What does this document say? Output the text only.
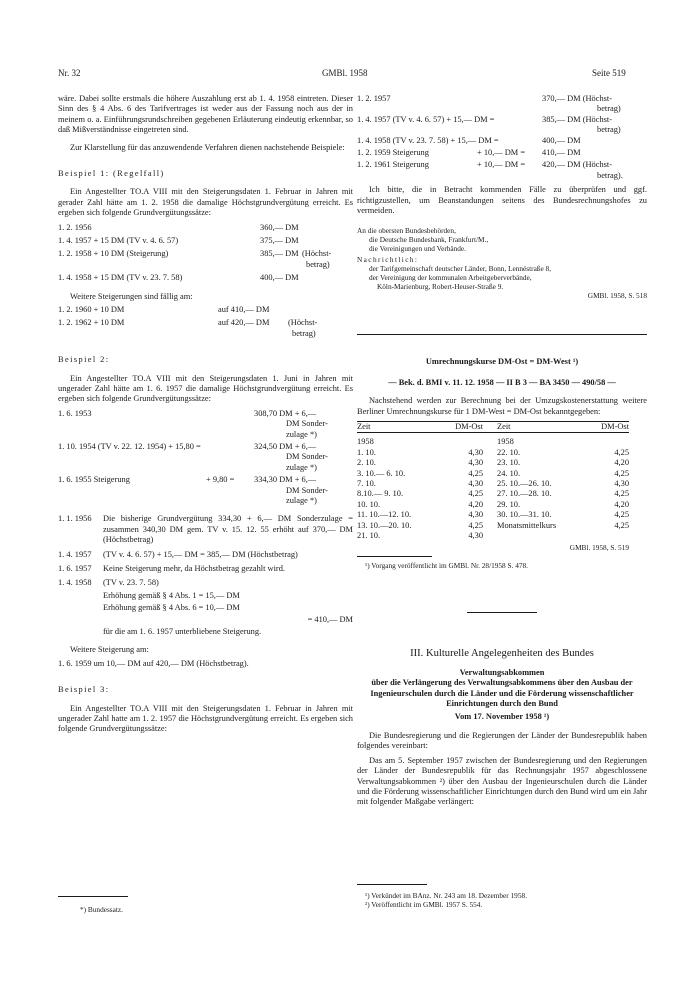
Nr. 32	GMBl. 1958	Seite 519

wäre. Dabei sollte erstmals die höhere Auszahlung erst ab 1. 4. 1958 eintreten. Dieser Sinn des § 4 Abs. 6 des Tarifvertrages ist weder aus der Fassung noch aus der in meinem o. a. Einführungsrundschreiben gegebenen Erläuterung eindeutig erkennbar, so daß Mißverständnisse eingetreten sind.

Zur Klarstellung für das anzuwendende Verfahren dienen nachstehende Beispiele:

Beispiel 1: (Regelfall)

Ein Angestellter TO.A VIII mit den Steigerungsdaten 1. Februar in Jahren mit gerader Zahl hätte am 1. 2. 1958 die damalige Höchstgrundvergütung erreicht. Es ergeben sich folgende Grundvergütungssätze:

1. 2. 1956	360,— DM
1. 4. 1957 + 15 DM (TV v. 4. 6. 57)	375,— DM
1. 2. 1958 + 10 DM (Steigerung)	385,— DM (Höchst-
betrag)
1. 4. 1958 + 15 DM (TV v. 23. 7. 58)	400,— DM

Weitere Steigerungen sind fällig am:

1. 2. 1960 + 10 DM	auf 410,— DM
1. 2. 1962 + 10 DM	auf 420,— DM (Höchst-
betrag)

Beispiel 2:

Ein Angestellter TO.A VIII mit den Steigerungsdaten 1. Juni in Jahren mit ungerader Zahl hätte am 1. 6. 1957 die damalige Höchstgrundvergütung erreicht. Es ergeben sich folgende Grundvergütungssätze:

1. 6. 1953	308,70 DM + 6,—
DM Sonder-
zulage *)
1. 10. 1954 (TV v. 22. 12. 1954) + 15,80 =	324,50 DM + 6,—
DM Sonder-
zulage *)
1. 6. 1955 Steigerung	+ 9,80 = 334,30 DM + 6,—
DM Sonder-
zulage *)
1. 1. 1956	Die bisherige Grundvergütung 334,30 + 6,— DM Sonderzulage = zusammen 340,30 DM gem. TV v. 15. 12. 55 erhöht auf 370,— DM (Höchstbetrag)
1. 4. 1957	(TV v. 4. 6. 57) + 15,— DM = 385,— DM (Höchstbetrag)
1. 6. 1957	Keine Steigerung mehr, da Höchstbetrag gezahlt wird.
1. 4. 1958	(TV v. 23. 7. 58)
Erhöhung gemäß § 4 Abs. 1 = 15,— DM
Erhöhung gemäß § 4 Abs. 6 = 10,— DM
= 410,— DM
für die am 1. 6. 1957 unterbliebene Steigerung.

Weitere Steigerung am:

1. 6. 1959 um 10,— DM auf 420,— DM (Höchstbetrag).

Beispiel 3:

Ein Angestellter TO.A VIII mit den Steigerungsdaten 1. Februar in Jahren mit ungerader Zahl hatte am 1. 2. 1957 die Höchstgrundvergütung erreicht. Es ergeben sich folgende Grundvergütungssätze:

*) Bundessatz.
1. 2. 1957	370,— DM (Höchst-
betrag)
1. 4. 1957 (TV v. 4. 6. 57) + 15,— DM =	385,— DM (Höchst-
betrag)
1. 4. 1958 (TV v. 23. 7. 58) + 15,— DM =	400,— DM
1. 2. 1959 Steigerung	+ 10,— DM = 410,— DM
1. 2. 1961 Steigerung	+ 10,— DM = 420,— DM (Höchst-
betrag).

Ich bitte, die in Betracht kommenden Fälle zu überprüfen und ggf. richtigzustellen, um Beanstandungen seitens des Bundesrechnungshofes zu vermeiden.

An die obersten Bundesbehörden,
die Deutsche Bundesbank, Frankfurt/M.,
die Vereinigungen und Verbände.
Nachrichtlich:
der Tarifgemeinschaft deutscher Länder, Bonn, Lennéstraße 8,
der Vereinigung der kommunalen Arbeitgeberverbände,
Köln-Marienburg, Robert-Heuser-Straße 9.
GMBl. 1958, S. 518

Umrechnungskurse DM-Ost = DM-West ¹)

— Bek. d. BMI v. 11. 12. 1958 — II B 3 — BA 3450 — 490/58 —

Nachstehend werden zur Berechnung bei der Umzugskostenerstattung weitere Berliner Umrechnungskurse für 1 DM-West = DM-Ost bekanntgegeben:

Zeit	DM-Ost	Zeit	DM-Ost
1958		1958	
1. 10.	4,30	22. 10.	4,25
2. 10.	4,30	23. 10.	4,20
3. 10.— 6. 10.	4,25	24. 10.	4,25
7. 10.	4,30	25. 10.—26. 10.	4,30
8.10.— 9. 10.	4,25	27. 10.—28. 10.	4,25
10. 10.	4,20	29. 10.	4,20
11. 10.—12. 10.	4,30	30. 10.—31. 10.	4,25
13. 10.—20. 10.	4,25	Monatsmittelkurs	4,25
21. 10.	4,30		
GMBl. 1958, S. 519
¹) Vorgang veröffentlicht im GMBl. Nr. 28/1958 S. 478.

III. Kulturelle Angelegenheiten des Bundes

Verwaltungsabkommen

über die Verlängerung des Verwaltungsabkommens über den Ausbau der Ingenieurschulen durch die Länder und die Förderung wissenschaftlicher Einrichtungen durch den Bund

Vom 17. November 1958 ¹)

Die Bundesregierung und die Regierungen der Länder der Bundesrepublik haben folgendes vereinbart:

Das am 5. September 1957 zwischen der Bundesregierung und den Regierungen der Länder der Bundesrepublik für das Rechnungsjahr 1957 abgeschlossene Verwaltungsabkommen ²) über den Ausbau der Ingenieurschulen durch die Länder und die Förderung wissenschaftlicher Einrichtungen durch den Bund wird um ein Jahr mit folgender Maßgabe verlängert:

¹) Verkündet im BAnz. Nr. 243 am 18. Dezember 1958.
²) Veröffentlicht im GMBl. 1957 S. 554.
